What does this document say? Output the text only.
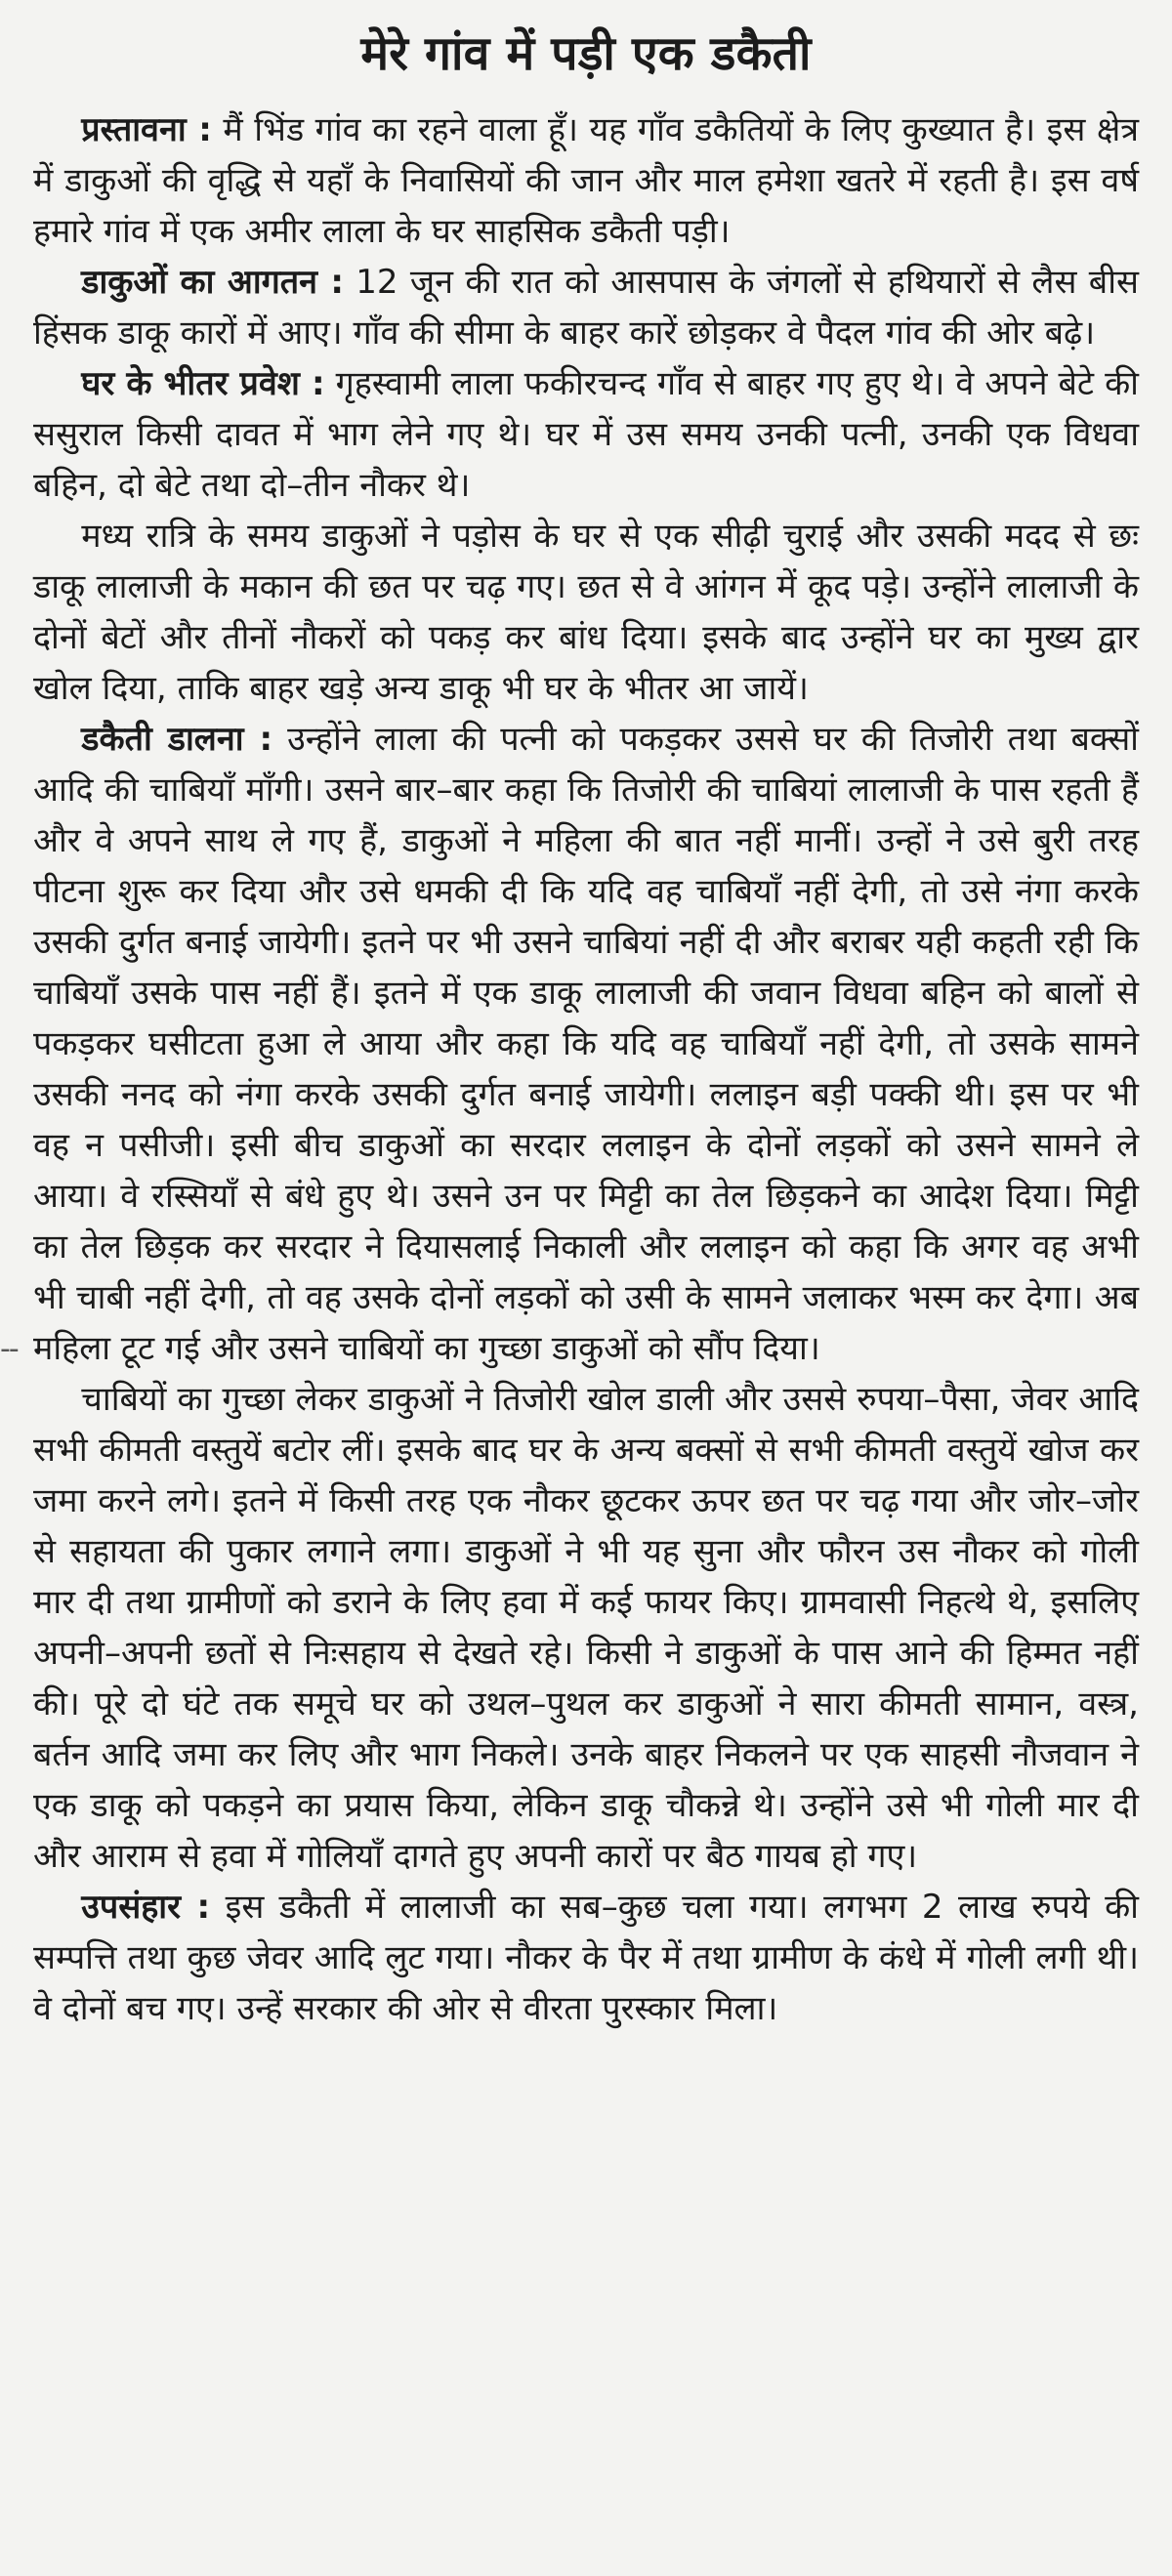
--
मेरे गांव में पड़ी एक डकैती

प्रस्तावना : मैं भिंड गांव का रहने वाला हूँ। यह गाँव डकैतियों के लिए कुख्यात है। इस क्षेत्र में डाकुओं की वृद्धि से यहाँ के निवासियों की जान और माल हमेशा खतरे में रहती है। इस वर्ष हमारे गांव में एक अमीर लाला के घर साहसिक डकैती पड़ी।

डाकुओं का आगतन : 12 जून की रात को आसपास के जंगलों से हथियारों से लैस बीस हिंसक डाकू कारों में आए। गाँव की सीमा के बाहर कारें छोड़कर वे पैदल गांव की ओर बढ़े।

घर के भीतर प्रवेश : गृहस्वामी लाला फकीरचन्द गाँव से बाहर गए हुए थे। वे अपने बेटे की ससुराल किसी दावत में भाग लेने गए थे। घर में उस समय उनकी पत्नी, उनकी एक विधवा बहिन, दो बेटे तथा दो–तीन नौकर थे।

मध्य रात्रि के समय डाकुओं ने पड़ोस के घर से एक सीढ़ी चुराई और उसकी मदद से छः डाकू लालाजी के मकान की छत पर चढ़ गए। छत से वे आंगन में कूद पड़े। उन्होंने लालाजी के दोनों बेटों और तीनों नौकरों को पकड़ कर बांध दिया। इसके बाद उन्होंने घर का मुख्य द्वार खोल दिया, ताकि बाहर खड़े अन्य डाकू भी घर के भीतर आ जायें।

डकैती डालना : उन्होंने लाला की पत्नी को पकड़कर उससे घर की तिजोरी तथा बक्सों आदि की चाबियाँ माँगी। उसने बार–बार कहा कि तिजोरी की चाबियां लालाजी के पास रहती हैं और वे अपने साथ ले गए हैं, डाकुओं ने महिला की बात नहीं मानीं। उन्हों ने उसे बुरी तरह पीटना शुरू कर दिया और उसे धमकी दी कि यदि वह चाबियाँ नहीं देगी, तो उसे नंगा करके उसकी दुर्गत बनाई जायेगी। इतने पर भी उसने चाबियां नहीं दी और बराबर यही कहती रही कि चाबियाँ उसके पास नहीं हैं। इतने में एक डाकू लालाजी की जवान विधवा बहिन को बालों से पकड़कर घसीटता हुआ ले आया और कहा कि यदि वह चाबियाँ नहीं देगी, तो उसके सामने उसकी ननद को नंगा करके उसकी दुर्गत बनाई जायेगी। ललाइन बड़ी पक्की थी। इस पर भी वह न पसीजी। इसी बीच डाकुओं का सरदार ललाइन के दोनों लड़कों को उसने सामने ले आया। वे रस्सियाँ से बंधे हुए थे। उसने उन पर मिट्टी का तेल छिड़कने का आदेश दिया। मिट्टी का तेल छिड़क कर सरदार ने दियासलाई निकाली और ललाइन को कहा कि अगर वह अभी भी चाबी नहीं देगी, तो वह उसके दोनों लड़कों को उसी के सामने जलाकर भस्म कर देगा। अब महिला टूट गई और उसने चाबियों का गुच्छा डाकुओं को सौंप दिया।

चाबियों का गुच्छा लेकर डाकुओं ने तिजोरी खोल डाली और उससे रुपया–पैसा, जेवर आदि सभी कीमती वस्तुयें बटोर लीं। इसके बाद घर के अन्य बक्सों से सभी कीमती वस्तुयें खोज कर जमा करने लगे। इतने में किसी तरह एक नौकर छूटकर ऊपर छत पर चढ़ गया और जोर–जोर से सहायता की पुकार लगाने लगा। डाकुओं ने भी यह सुना और फौरन उस नौकर को गोली मार दी तथा ग्रामीणों को डराने के लिए हवा में कई फायर किए। ग्रामवासी निहत्थे थे, इसलिए अपनी–अपनी छतों से निःसहाय से देखते रहे। किसी ने डाकुओं के पास आने की हिम्मत नहीं की। पूरे दो घंटे तक समूचे घर को उथल–पुथल कर डाकुओं ने सारा कीमती सामान, वस्त्र, बर्तन आदि जमा कर लिए और भाग निकले। उनके बाहर निकलने पर एक साहसी नौजवान ने एक डाकू को पकड़ने का प्रयास किया, लेकिन डाकू चौकन्ने थे। उन्होंने उसे भी गोली मार दी और आराम से हवा में गोलियाँ दागते हुए अपनी कारों पर बैठ गायब हो गए।

उपसंहार : इस डकैती में लालाजी का सब–कुछ चला गया। लगभग 2 लाख रुपये की सम्पत्ति तथा कुछ जेवर आदि लुट गया। नौकर के पैर में तथा ग्रामीण के कंधे में गोली लगी थी। वे दोनों बच गए। उन्हें सरकार की ओर से वीरता पुरस्कार मिला।
